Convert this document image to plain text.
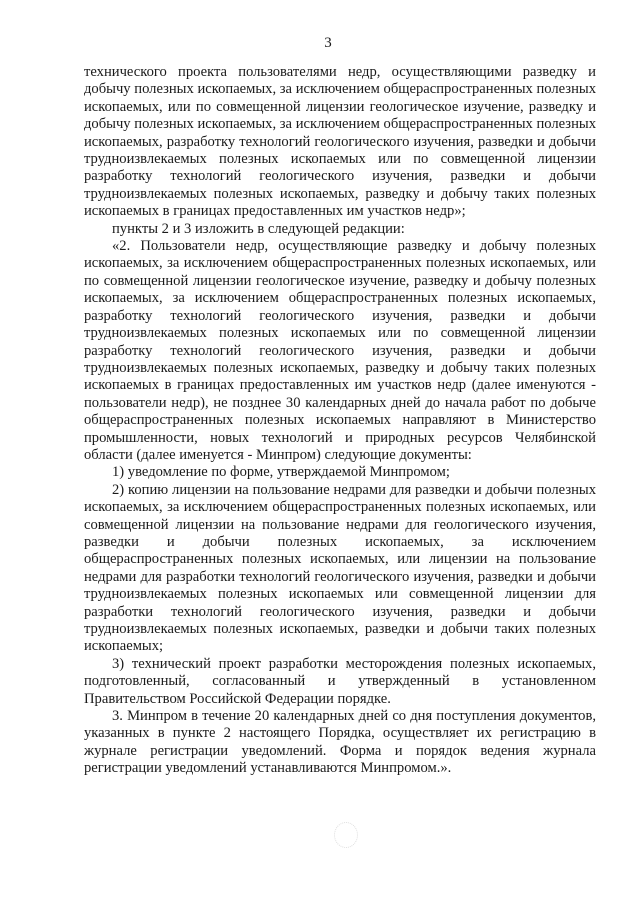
3

технического проекта пользователями недр, осуществляющими разведку и добычу полезных ископаемых, за исключением общераспространенных полезных ископаемых, или по совмещенной лицензии геологическое изучение, разведку и добычу полезных ископаемых, за исключением общераспространенных полезных ископаемых, разработку технологий геологического изучения, разведки и добычи трудноизвлекаемых полезных ископаемых или по совмещенной лицензии разработку технологий геологического изучения, разведки и добычи трудноизвлекаемых полезных ископаемых, разведку и добычу таких полезных ископаемых в границах предоставленных им участков недр»;

пункты 2 и 3 изложить в следующей редакции:

«2. Пользователи недр, осуществляющие разведку и добычу полезных ископаемых, за исключением общераспространенных полезных ископаемых, или по совмещенной лицензии геологическое изучение, разведку и добычу полезных ископаемых, за исключением общераспространенных полезных ископаемых, разработку технологий геологического изучения, разведки и добычи трудноизвлекаемых полезных ископаемых или по совмещенной лицензии разработку технологий геологического изучения, разведки и добычи трудноизвлекаемых полезных ископаемых, разведку и добычу таких полезных ископаемых в границах предоставленных им участков недр (далее именуются - пользователи недр), не позднее 30 календарных дней до начала работ по добыче общераспространенных полезных ископаемых направляют в Министерство промышленности, новых технологий и природных ресурсов Челябинской области (далее именуется - Минпром) следующие документы:

1) уведомление по форме, утверждаемой Минпромом;

2) копию лицензии на пользование недрами для разведки и добычи полезных ископаемых, за исключением общераспространенных полезных ископаемых, или совмещенной лицензии на пользование недрами для геологического изучения, разведки и добычи полезных ископаемых, за исключением общераспространенных полезных ископаемых, или лицензии на пользование недрами для разработки технологий геологического изучения, разведки и добычи трудноизвлекаемых полезных ископаемых или совмещенной лицензии для разработки технологий геологического изучения, разведки и добычи трудноизвлекаемых полезных ископаемых, разведки и добычи таких полезных ископаемых;

3) технический проект разработки месторождения полезных ископаемых, подготовленный, согласованный и утвержденный в установленном Правительством Российской Федерации порядке.

3. Минпром в течение 20 календарных дней со дня поступления документов, указанных в пункте 2 настоящего Порядка, осуществляет их регистрацию в журнале регистрации уведомлений. Форма и порядок ведения журнала регистрации уведомлений устанавливаются Минпромом.».
